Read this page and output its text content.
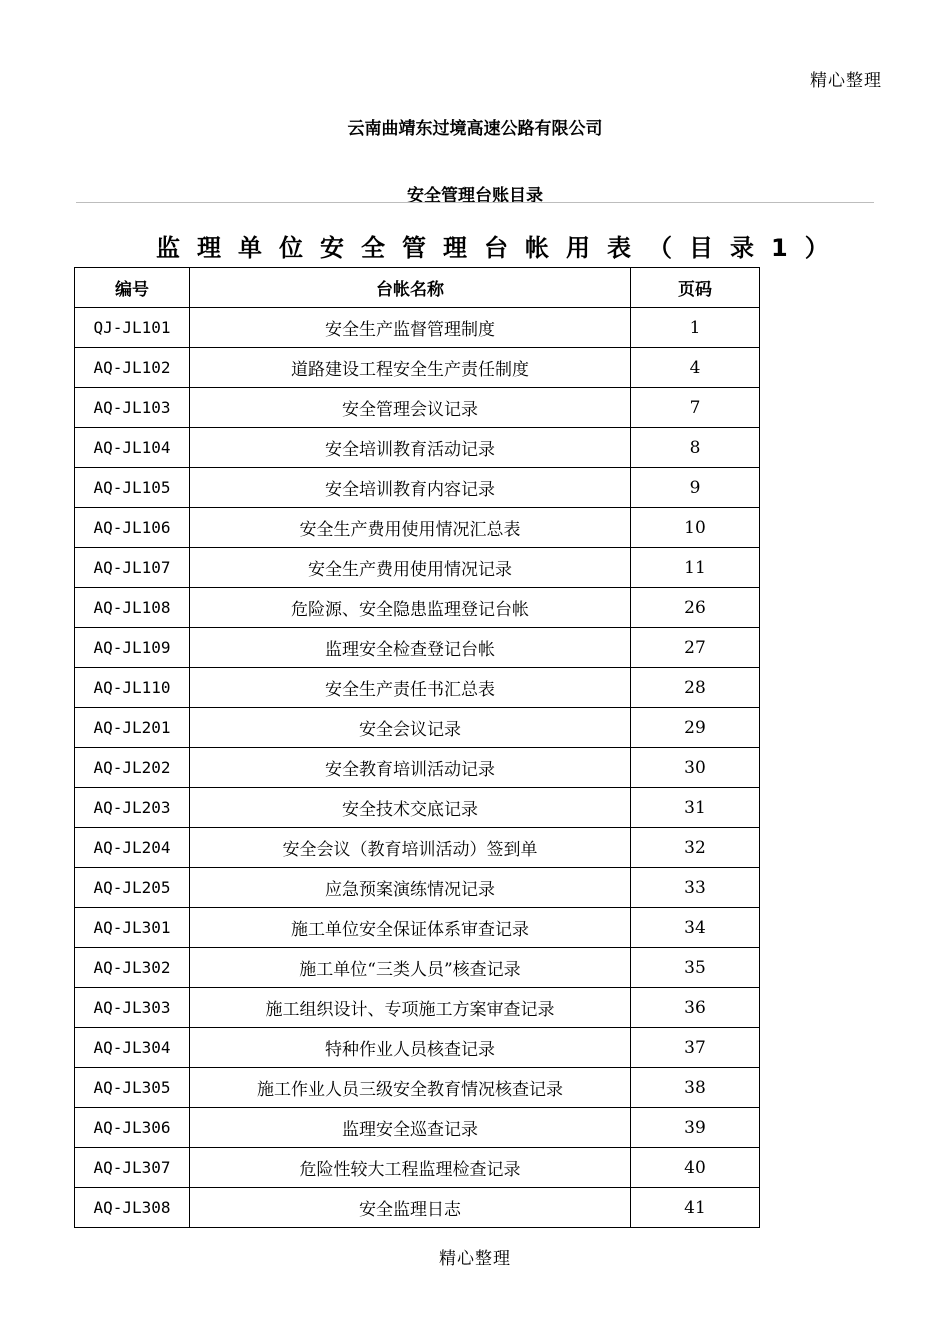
精心整理
云南曲靖东过境高速公路有限公司
安全管理台账目录
监理单位安全管理台帐用表（目录1）
编号	台帐名称	页码
QJ-JL101	安全生产监督管理制度	1
AQ-JL102	道路建设工程安全生产责任制度	4
AQ-JL103	安全管理会议记录	7
AQ-JL104	安全培训教育活动记录	8
AQ-JL105	安全培训教育内容记录	9
AQ-JL106	安全生产费用使用情况汇总表	10
AQ-JL107	安全生产费用使用情况记录	11
AQ-JL108	危险源、安全隐患监理登记台帐	26
AQ-JL109	监理安全检查登记台帐	27
AQ-JL110	安全生产责任书汇总表	28
AQ-JL201	安全会议记录	29
AQ-JL202	安全教育培训活动记录	30
AQ-JL203	安全技术交底记录	31
AQ-JL204	安全会议（教育培训活动）签到单	32
AQ-JL205	应急预案演练情况记录	33
AQ-JL301	施工单位安全保证体系审查记录	34
AQ-JL302	施工单位“三类人员”核查记录	35
AQ-JL303	施工组织设计、专项施工方案审查记录	36
AQ-JL304	特种作业人员核查记录	37
AQ-JL305	施工作业人员三级安全教育情况核查记录	38
AQ-JL306	监理安全巡查记录	39
AQ-JL307	危险性较大工程监理检查记录	40
AQ-JL308	安全监理日志	41
精心整理
